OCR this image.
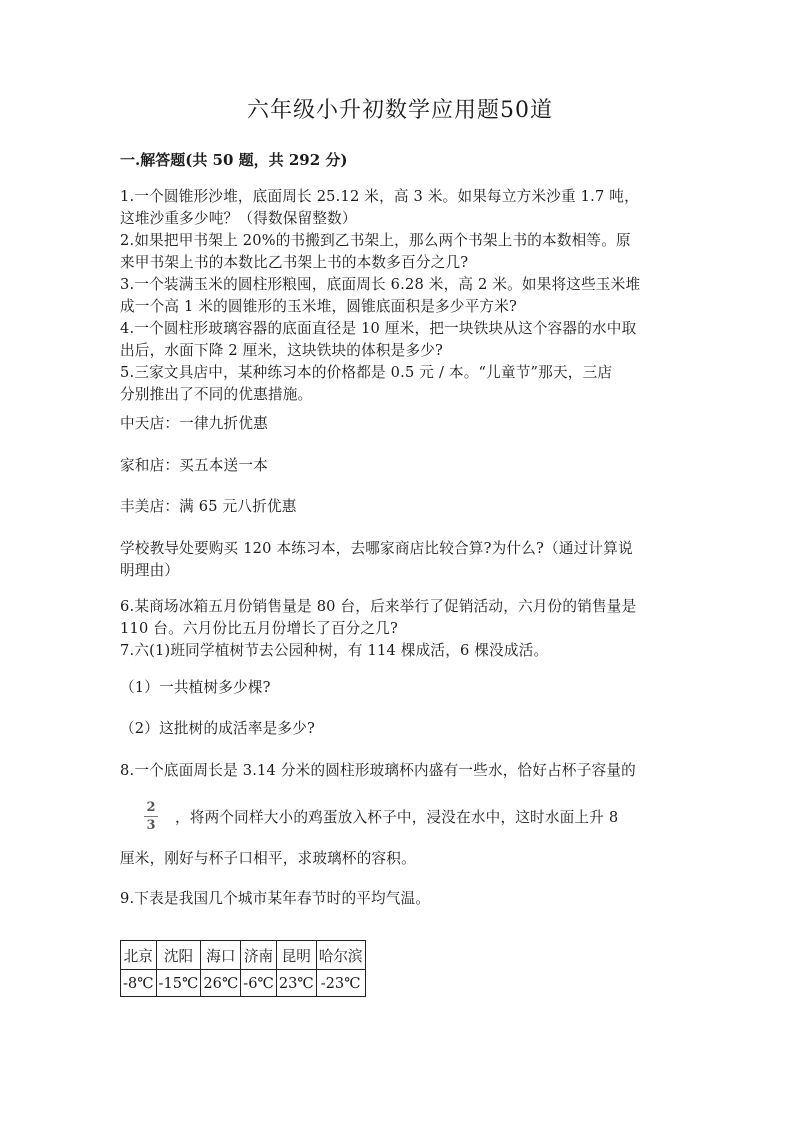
六年级小升初数学应用题50道
一.解答题(共 50 题，共 292 分)

1.一个圆锥形沙堆，底面周长 25.12 米，高 3 米。如果每立方米沙重 1.7 吨，

这堆沙重多少吨？（得数保留整数）

2.如果把甲书架上 20%的书搬到乙书架上，那么两个书架上书的本数相等。原

来甲书架上书的本数比乙书架上书的本数多百分之几?

3.一个装满玉米的圆柱形粮囤，底面周长 6.28 米，高 2 米。如果将这些玉米堆

成一个高 1 米的圆锥形的玉米堆，圆锥底面积是多少平方米?

4.一个圆柱形玻璃容器的底面直径是 10 厘米，把一块铁块从这个容器的水中取

出后，水面下降 2 厘米，这块铁块的体积是多少?

5.三家文具店中，某种练习本的价格都是 0.5 元 / 本。“儿童节”那天，三店

分别推出了不同的优惠措施。

中天店：一律九折优惠
家和店：买五本送一本
丰美店：满 65 元八折优惠

学校教导处要购买 120 本练习本，去哪家商店比较合算?为什么?（通过计算说

明理由）

6.某商场冰箱五月份销售量是 80 台，后来举行了促销活动，六月份的销售量是

110 台。六月份比五月份增长了百分之几?

7.六(1)班同学植树节去公园种树，有 114 棵成活，6 棵没成活。

（1）一共植树多少棵?
（2）这批树的成活率是多少?
8.一个底面周长是 3.14 分米的圆柱形玻璃杯内盛有一些水，恰好占杯子容量的
2
3 ，将两个同样大小的鸡蛋放入杯子中，浸没在水中，这时水面上升 8
厘米，刚好与杯子口相平，求玻璃杯的容积。
9.下表是我国几个城市某年春节时的平均气温。
北京	沈阳	海口	济南	昆明	哈尔滨
-8℃	-15℃	26℃	-6℃	23℃	-23℃
